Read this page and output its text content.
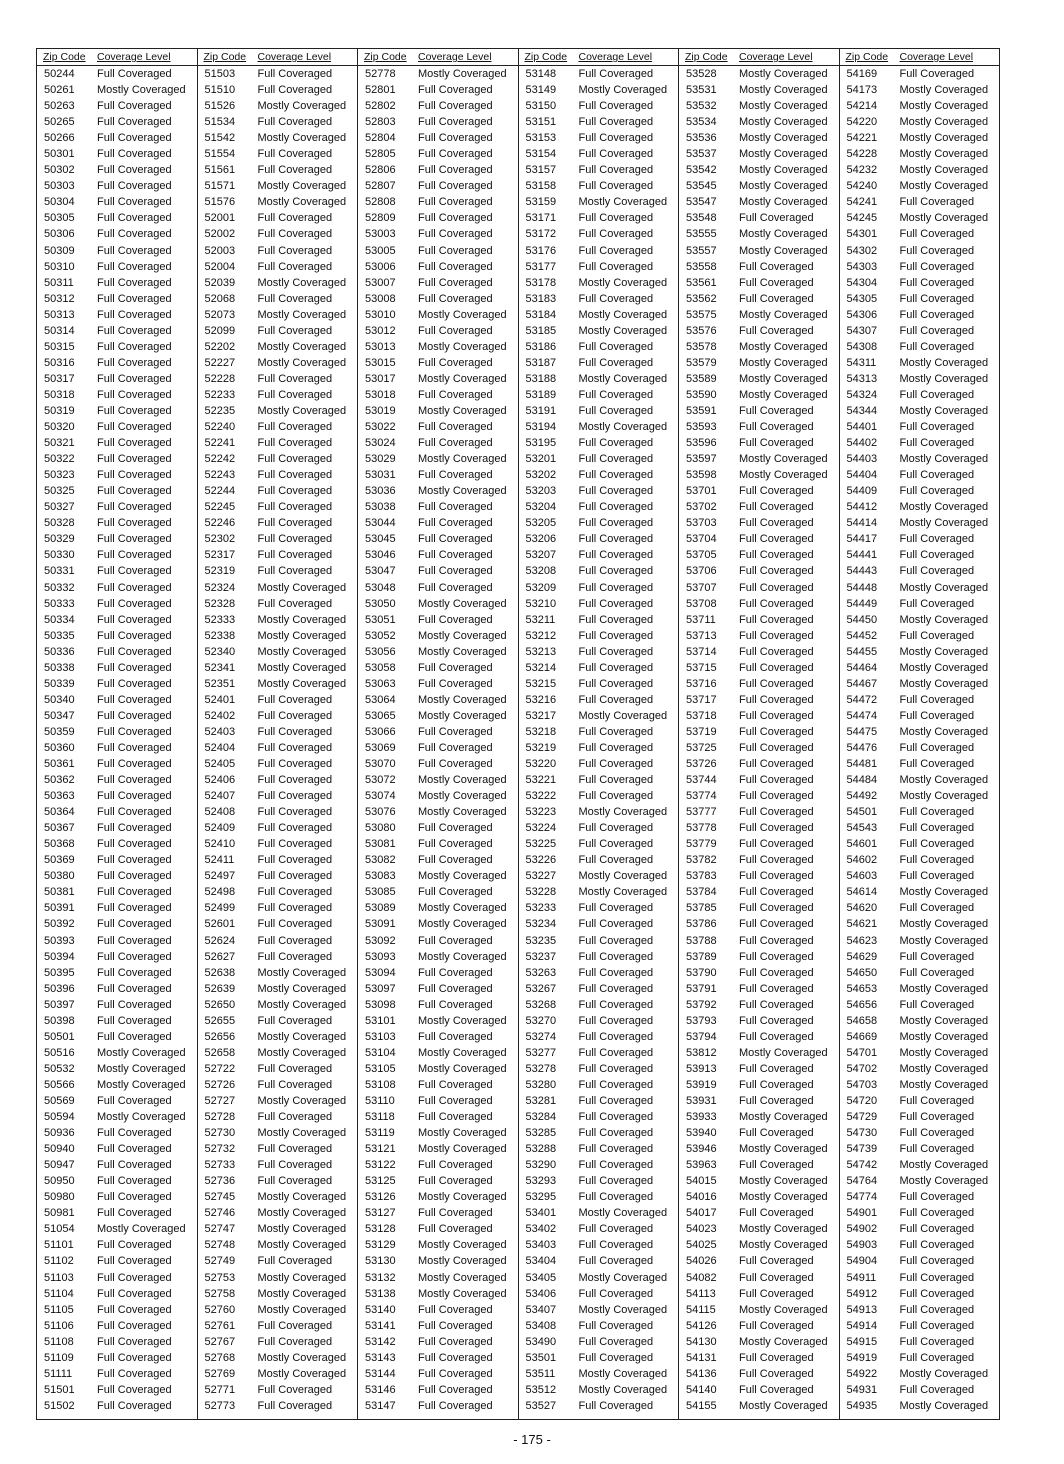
Zip Code	Coverage Level
50244	Full Coveraged
50261	Mostly Coveraged
50263	Full Coveraged
50265	Full Coveraged
50266	Full Coveraged
50301	Full Coveraged
50302	Full Coveraged
50303	Full Coveraged
50304	Full Coveraged
50305	Full Coveraged
50306	Full Coveraged
50309	Full Coveraged
50310	Full Coveraged
50311	Full Coveraged
50312	Full Coveraged
50313	Full Coveraged
50314	Full Coveraged
50315	Full Coveraged
50316	Full Coveraged
50317	Full Coveraged
50318	Full Coveraged
50319	Full Coveraged
50320	Full Coveraged
50321	Full Coveraged
50322	Full Coveraged
50323	Full Coveraged
50325	Full Coveraged
50327	Full Coveraged
50328	Full Coveraged
50329	Full Coveraged
50330	Full Coveraged
50331	Full Coveraged
50332	Full Coveraged
50333	Full Coveraged
50334	Full Coveraged
50335	Full Coveraged
50336	Full Coveraged
50338	Full Coveraged
50339	Full Coveraged
50340	Full Coveraged
50347	Full Coveraged
50359	Full Coveraged
50360	Full Coveraged
50361	Full Coveraged
50362	Full Coveraged
50363	Full Coveraged
50364	Full Coveraged
50367	Full Coveraged
50368	Full Coveraged
50369	Full Coveraged
50380	Full Coveraged
50381	Full Coveraged
50391	Full Coveraged
50392	Full Coveraged
50393	Full Coveraged
50394	Full Coveraged
50395	Full Coveraged
50396	Full Coveraged
50397	Full Coveraged
50398	Full Coveraged
50501	Full Coveraged
50516	Mostly Coveraged
50532	Mostly Coveraged
50566	Mostly Coveraged
50569	Full Coveraged
50594	Mostly Coveraged
50936	Full Coveraged
50940	Full Coveraged
50947	Full Coveraged
50950	Full Coveraged
50980	Full Coveraged
50981	Full Coveraged
51054	Mostly Coveraged
51101	Full Coveraged
51102	Full Coveraged
51103	Full Coveraged
51104	Full Coveraged
51105	Full Coveraged
51106	Full Coveraged
51108	Full Coveraged
51109	Full Coveraged
51111	Full Coveraged
51501	Full Coveraged
51502	Full Coveraged
Zip Code	Coverage Level
51503	Full Coveraged
51510	Full Coveraged
51526	Mostly Coveraged
51534	Full Coveraged
51542	Mostly Coveraged
51554	Full Coveraged
51561	Full Coveraged
51571	Mostly Coveraged
51576	Mostly Coveraged
52001	Full Coveraged
52002	Full Coveraged
52003	Full Coveraged
52004	Full Coveraged
52039	Mostly Coveraged
52068	Full Coveraged
52073	Mostly Coveraged
52099	Full Coveraged
52202	Mostly Coveraged
52227	Mostly Coveraged
52228	Full Coveraged
52233	Full Coveraged
52235	Mostly Coveraged
52240	Full Coveraged
52241	Full Coveraged
52242	Full Coveraged
52243	Full Coveraged
52244	Full Coveraged
52245	Full Coveraged
52246	Full Coveraged
52302	Full Coveraged
52317	Full Coveraged
52319	Full Coveraged
52324	Mostly Coveraged
52328	Full Coveraged
52333	Mostly Coveraged
52338	Mostly Coveraged
52340	Mostly Coveraged
52341	Mostly Coveraged
52351	Mostly Coveraged
52401	Full Coveraged
52402	Full Coveraged
52403	Full Coveraged
52404	Full Coveraged
52405	Full Coveraged
52406	Full Coveraged
52407	Full Coveraged
52408	Full Coveraged
52409	Full Coveraged
52410	Full Coveraged
52411	Full Coveraged
52497	Full Coveraged
52498	Full Coveraged
52499	Full Coveraged
52601	Full Coveraged
52624	Full Coveraged
52627	Full Coveraged
52638	Mostly Coveraged
52639	Mostly Coveraged
52650	Mostly Coveraged
52655	Full Coveraged
52656	Mostly Coveraged
52658	Mostly Coveraged
52722	Full Coveraged
52726	Full Coveraged
52727	Mostly Coveraged
52728	Full Coveraged
52730	Mostly Coveraged
52732	Full Coveraged
52733	Full Coveraged
52736	Full Coveraged
52745	Mostly Coveraged
52746	Mostly Coveraged
52747	Mostly Coveraged
52748	Mostly Coveraged
52749	Full Coveraged
52753	Mostly Coveraged
52758	Mostly Coveraged
52760	Mostly Coveraged
52761	Full Coveraged
52767	Full Coveraged
52768	Mostly Coveraged
52769	Mostly Coveraged
52771	Full Coveraged
52773	Full Coveraged
Zip Code	Coverage Level
52778	Mostly Coveraged
52801	Full Coveraged
52802	Full Coveraged
52803	Full Coveraged
52804	Full Coveraged
52805	Full Coveraged
52806	Full Coveraged
52807	Full Coveraged
52808	Full Coveraged
52809	Full Coveraged
53003	Full Coveraged
53005	Full Coveraged
53006	Full Coveraged
53007	Full Coveraged
53008	Full Coveraged
53010	Mostly Coveraged
53012	Full Coveraged
53013	Mostly Coveraged
53015	Full Coveraged
53017	Mostly Coveraged
53018	Full Coveraged
53019	Mostly Coveraged
53022	Full Coveraged
53024	Full Coveraged
53029	Mostly Coveraged
53031	Full Coveraged
53036	Mostly Coveraged
53038	Full Coveraged
53044	Full Coveraged
53045	Full Coveraged
53046	Full Coveraged
53047	Full Coveraged
53048	Full Coveraged
53050	Mostly Coveraged
53051	Full Coveraged
53052	Mostly Coveraged
53056	Mostly Coveraged
53058	Full Coveraged
53063	Full Coveraged
53064	Mostly Coveraged
53065	Mostly Coveraged
53066	Full Coveraged
53069	Full Coveraged
53070	Full Coveraged
53072	Mostly Coveraged
53074	Mostly Coveraged
53076	Mostly Coveraged
53080	Full Coveraged
53081	Full Coveraged
53082	Full Coveraged
53083	Mostly Coveraged
53085	Full Coveraged
53089	Mostly Coveraged
53091	Mostly Coveraged
53092	Full Coveraged
53093	Mostly Coveraged
53094	Full Coveraged
53097	Full Coveraged
53098	Full Coveraged
53101	Mostly Coveraged
53103	Full Coveraged
53104	Mostly Coveraged
53105	Mostly Coveraged
53108	Full Coveraged
53110	Full Coveraged
53118	Full Coveraged
53119	Mostly Coveraged
53121	Mostly Coveraged
53122	Full Coveraged
53125	Full Coveraged
53126	Mostly Coveraged
53127	Full Coveraged
53128	Full Coveraged
53129	Mostly Coveraged
53130	Mostly Coveraged
53132	Mostly Coveraged
53138	Mostly Coveraged
53140	Full Coveraged
53141	Full Coveraged
53142	Full Coveraged
53143	Full Coveraged
53144	Full Coveraged
53146	Full Coveraged
53147	Full Coveraged
Zip Code	Coverage Level
53148	Full Coveraged
53149	Mostly Coveraged
53150	Full Coveraged
53151	Full Coveraged
53153	Full Coveraged
53154	Full Coveraged
53157	Full Coveraged
53158	Full Coveraged
53159	Mostly Coveraged
53171	Full Coveraged
53172	Full Coveraged
53176	Full Coveraged
53177	Full Coveraged
53178	Mostly Coveraged
53183	Full Coveraged
53184	Mostly Coveraged
53185	Mostly Coveraged
53186	Full Coveraged
53187	Full Coveraged
53188	Mostly Coveraged
53189	Full Coveraged
53191	Full Coveraged
53194	Mostly Coveraged
53195	Full Coveraged
53201	Full Coveraged
53202	Full Coveraged
53203	Full Coveraged
53204	Full Coveraged
53205	Full Coveraged
53206	Full Coveraged
53207	Full Coveraged
53208	Full Coveraged
53209	Full Coveraged
53210	Full Coveraged
53211	Full Coveraged
53212	Full Coveraged
53213	Full Coveraged
53214	Full Coveraged
53215	Full Coveraged
53216	Full Coveraged
53217	Mostly Coveraged
53218	Full Coveraged
53219	Full Coveraged
53220	Full Coveraged
53221	Full Coveraged
53222	Full Coveraged
53223	Mostly Coveraged
53224	Full Coveraged
53225	Full Coveraged
53226	Full Coveraged
53227	Mostly Coveraged
53228	Mostly Coveraged
53233	Full Coveraged
53234	Full Coveraged
53235	Full Coveraged
53237	Full Coveraged
53263	Full Coveraged
53267	Full Coveraged
53268	Full Coveraged
53270	Full Coveraged
53274	Full Coveraged
53277	Full Coveraged
53278	Full Coveraged
53280	Full Coveraged
53281	Full Coveraged
53284	Full Coveraged
53285	Full Coveraged
53288	Full Coveraged
53290	Full Coveraged
53293	Full Coveraged
53295	Full Coveraged
53401	Mostly Coveraged
53402	Full Coveraged
53403	Full Coveraged
53404	Full Coveraged
53405	Mostly Coveraged
53406	Full Coveraged
53407	Mostly Coveraged
53408	Full Coveraged
53490	Full Coveraged
53501	Full Coveraged
53511	Mostly Coveraged
53512	Mostly Coveraged
53527	Full Coveraged
Zip Code	Coverage Level
53528	Mostly Coveraged
53531	Mostly Coveraged
53532	Mostly Coveraged
53534	Mostly Coveraged
53536	Mostly Coveraged
53537	Mostly Coveraged
53542	Mostly Coveraged
53545	Mostly Coveraged
53547	Mostly Coveraged
53548	Full Coveraged
53555	Mostly Coveraged
53557	Mostly Coveraged
53558	Full Coveraged
53561	Full Coveraged
53562	Full Coveraged
53575	Mostly Coveraged
53576	Full Coveraged
53578	Mostly Coveraged
53579	Mostly Coveraged
53589	Mostly Coveraged
53590	Mostly Coveraged
53591	Full Coveraged
53593	Full Coveraged
53596	Full Coveraged
53597	Mostly Coveraged
53598	Mostly Coveraged
53701	Full Coveraged
53702	Full Coveraged
53703	Full Coveraged
53704	Full Coveraged
53705	Full Coveraged
53706	Full Coveraged
53707	Full Coveraged
53708	Full Coveraged
53711	Full Coveraged
53713	Full Coveraged
53714	Full Coveraged
53715	Full Coveraged
53716	Full Coveraged
53717	Full Coveraged
53718	Full Coveraged
53719	Full Coveraged
53725	Full Coveraged
53726	Full Coveraged
53744	Full Coveraged
53774	Full Coveraged
53777	Full Coveraged
53778	Full Coveraged
53779	Full Coveraged
53782	Full Coveraged
53783	Full Coveraged
53784	Full Coveraged
53785	Full Coveraged
53786	Full Coveraged
53788	Full Coveraged
53789	Full Coveraged
53790	Full Coveraged
53791	Full Coveraged
53792	Full Coveraged
53793	Full Coveraged
53794	Full Coveraged
53812	Mostly Coveraged
53913	Full Coveraged
53919	Full Coveraged
53931	Full Coveraged
53933	Mostly Coveraged
53940	Full Coveraged
53946	Mostly Coveraged
53963	Full Coveraged
54015	Mostly Coveraged
54016	Mostly Coveraged
54017	Full Coveraged
54023	Mostly Coveraged
54025	Mostly Coveraged
54026	Full Coveraged
54082	Full Coveraged
54113	Full Coveraged
54115	Mostly Coveraged
54126	Full Coveraged
54130	Mostly Coveraged
54131	Full Coveraged
54136	Full Coveraged
54140	Full Coveraged
54155	Mostly Coveraged
Zip Code	Coverage Level
54169	Full Coveraged
54173	Mostly Coveraged
54214	Mostly Coveraged
54220	Mostly Coveraged
54221	Mostly Coveraged
54228	Mostly Coveraged
54232	Mostly Coveraged
54240	Mostly Coveraged
54241	Full Coveraged
54245	Mostly Coveraged
54301	Full Coveraged
54302	Full Coveraged
54303	Full Coveraged
54304	Full Coveraged
54305	Full Coveraged
54306	Full Coveraged
54307	Full Coveraged
54308	Full Coveraged
54311	Mostly Coveraged
54313	Mostly Coveraged
54324	Full Coveraged
54344	Mostly Coveraged
54401	Full Coveraged
54402	Full Coveraged
54403	Mostly Coveraged
54404	Full Coveraged
54409	Full Coveraged
54412	Mostly Coveraged
54414	Mostly Coveraged
54417	Full Coveraged
54441	Full Coveraged
54443	Full Coveraged
54448	Mostly Coveraged
54449	Full Coveraged
54450	Mostly Coveraged
54452	Full Coveraged
54455	Mostly Coveraged
54464	Mostly Coveraged
54467	Mostly Coveraged
54472	Full Coveraged
54474	Full Coveraged
54475	Mostly Coveraged
54476	Full Coveraged
54481	Full Coveraged
54484	Mostly Coveraged
54492	Mostly Coveraged
54501	Full Coveraged
54543	Full Coveraged
54601	Full Coveraged
54602	Full Coveraged
54603	Full Coveraged
54614	Mostly Coveraged
54620	Full Coveraged
54621	Mostly Coveraged
54623	Mostly Coveraged
54629	Full Coveraged
54650	Full Coveraged
54653	Mostly Coveraged
54656	Full Coveraged
54658	Mostly Coveraged
54669	Mostly Coveraged
54701	Mostly Coveraged
54702	Mostly Coveraged
54703	Mostly Coveraged
54720	Full Coveraged
54729	Full Coveraged
54730	Full Coveraged
54739	Full Coveraged
54742	Mostly Coveraged
54764	Mostly Coveraged
54774	Full Coveraged
54901	Full Coveraged
54902	Full Coveraged
54903	Full Coveraged
54904	Full Coveraged
54911	Full Coveraged
54912	Full Coveraged
54913	Full Coveraged
54914	Full Coveraged
54915	Full Coveraged
54919	Full Coveraged
54922	Mostly Coveraged
54931	Full Coveraged
54935	Mostly Coveraged
- 175 -
